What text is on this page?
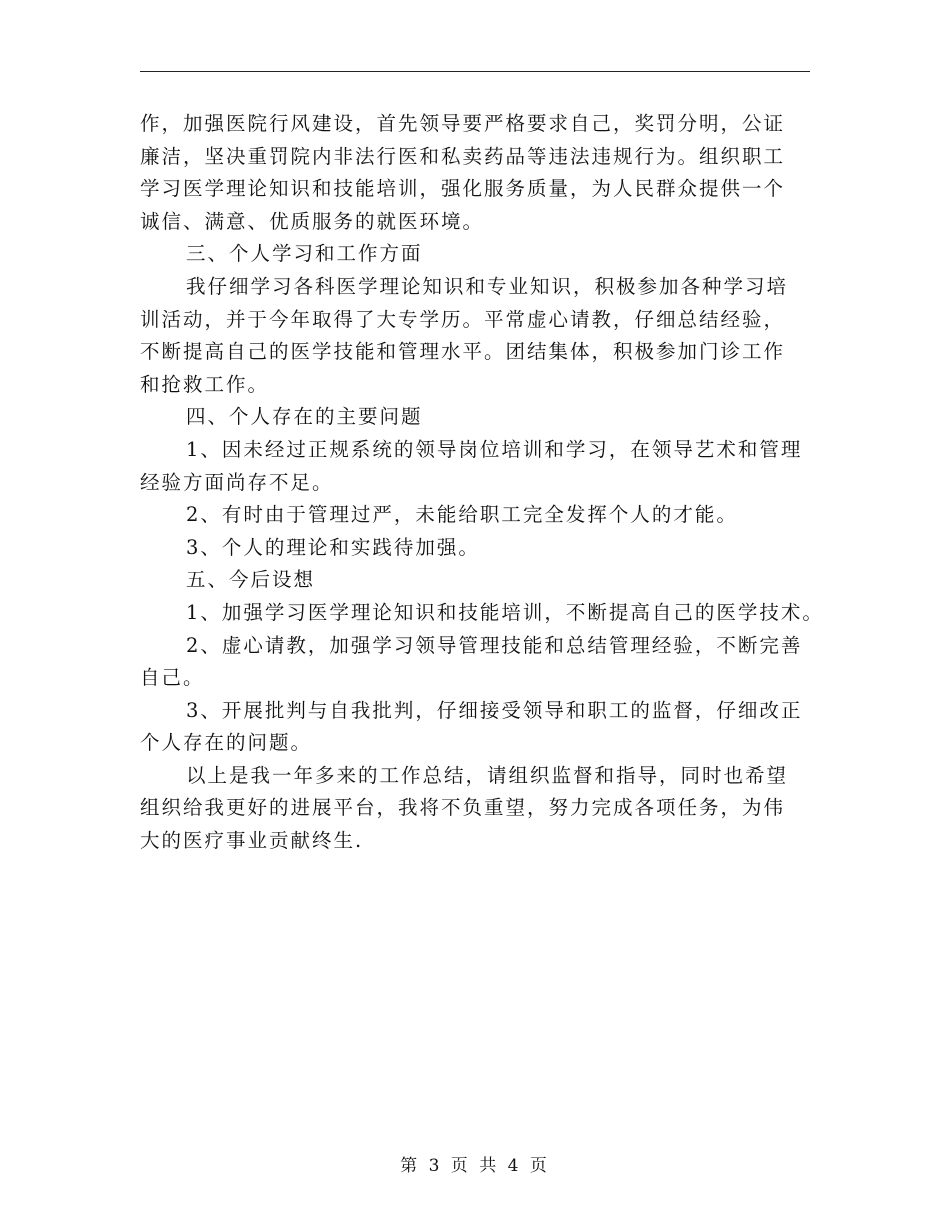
作，加强医院行风建设，首先领导要严格要求自己，奖罚分明，公证
廉洁，坚决重罚院内非法行医和私卖药品等违法违规行为。组织职工
学习医学理论知识和技能培训，强化服务质量，为人民群众提供一个
诚信、满意、优质服务的就医环境。
三、个人学习和工作方面
我仔细学习各科医学理论知识和专业知识，积极参加各种学习培
训活动，并于今年取得了大专学历。平常虚心请教，仔细总结经验，
不断提高自己的医学技能和管理水平。团结集体，积极参加门诊工作
和抢救工作。
四、个人存在的主要问题
1、因未经过正规系统的领导岗位培训和学习，在领导艺术和管理
经验方面尚存不足。
2、有时由于管理过严，未能给职工完全发挥个人的才能。
3、个人的理论和实践待加强。
五、今后设想
1、加强学习医学理论知识和技能培训，不断提高自己的医学技术。
2、虚心请教，加强学习领导管理技能和总结管理经验，不断完善
自己。
3、开展批判与自我批判，仔细接受领导和职工的监督，仔细改正
个人存在的问题。
以上是我一年多来的工作总结，请组织监督和指导，同时也希望
组织给我更好的进展平台，我将不负重望，努力完成各项任务，为伟
大的医疗事业贡献终生.
第 3 页 共 4 页
